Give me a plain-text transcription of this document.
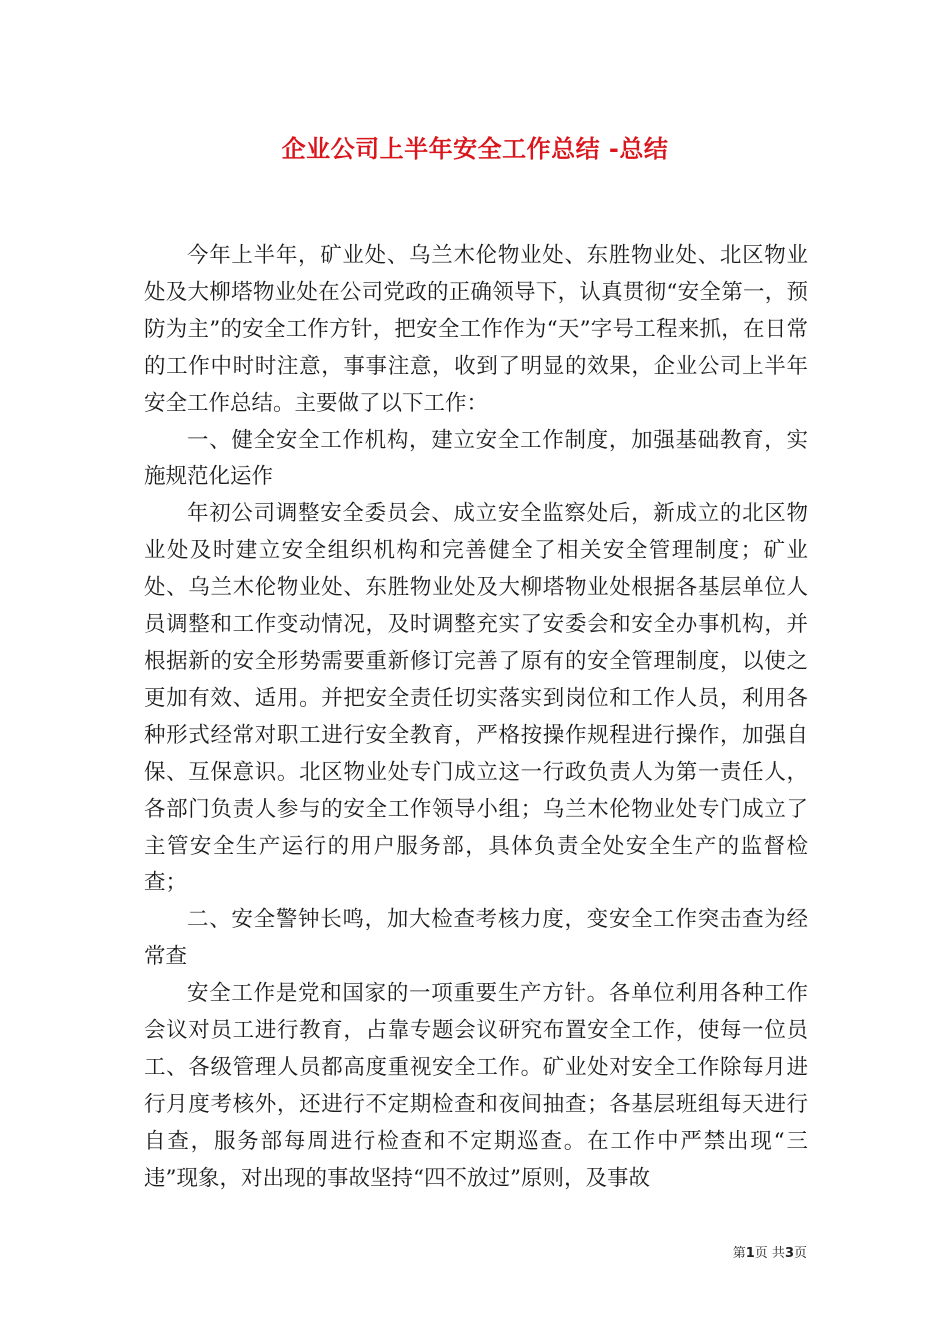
企业公司上半年安全工作总结 -总结

今年上半年，矿业处、乌兰木伦物业处、东胜物业处、北区物业处及大柳塔物业处在公司党政的正确领导下，认真贯彻“安全第一，预防为主”的安全工作方针，把安全工作作为“天”字号工程来抓，在日常的工作中时时注意，事事注意，收到了明显的效果，企业公司上半年安全工作总结。主要做了以下工作：

一、健全安全工作机构，建立安全工作制度，加强基础教育，实施规范化运作

年初公司调整安全委员会、成立安全监察处后，新成立的北区物业处及时建立安全组织机构和完善健全了相关安全管理制度；矿业处、乌兰木伦物业处、东胜物业处及大柳塔物业处根据各基层单位人员调整和工作变动情况，及时调整充实了安委会和安全办事机构，并根据新的安全形势需要重新修订完善了原有的安全管理制度，以使之更加有效、适用。并把安全责任切实落实到岗位和工作人员，利用各种形式经常对职工进行安全教育，严格按操作规程进行操作，加强自保、互保意识。北区物业处专门成立这一行政负责人为第一责任人，各部门负责人参与的安全工作领导小组；乌兰木伦物业处专门成立了主管安全生产运行的用户服务部，具体负责全处安全生产的监督检查；

二、安全警钟长鸣，加大检查考核力度，变安全工作突击查为经常查

安全工作是党和国家的一项重要生产方针。各单位利用各种工作会议对员工进行教育，占靠专题会议研究布置安全工作，使每一位员工、各级管理人员都高度重视安全工作。矿业处对安全工作除每月进行月度考核外，还进行不定期检查和夜间抽查；各基层班组每天进行自查，服务部每周进行检查和不定期巡查。在工作中严禁出现“三违”现象，对出现的事故坚持“四不放过”原则，及事故

第1页 共3页
